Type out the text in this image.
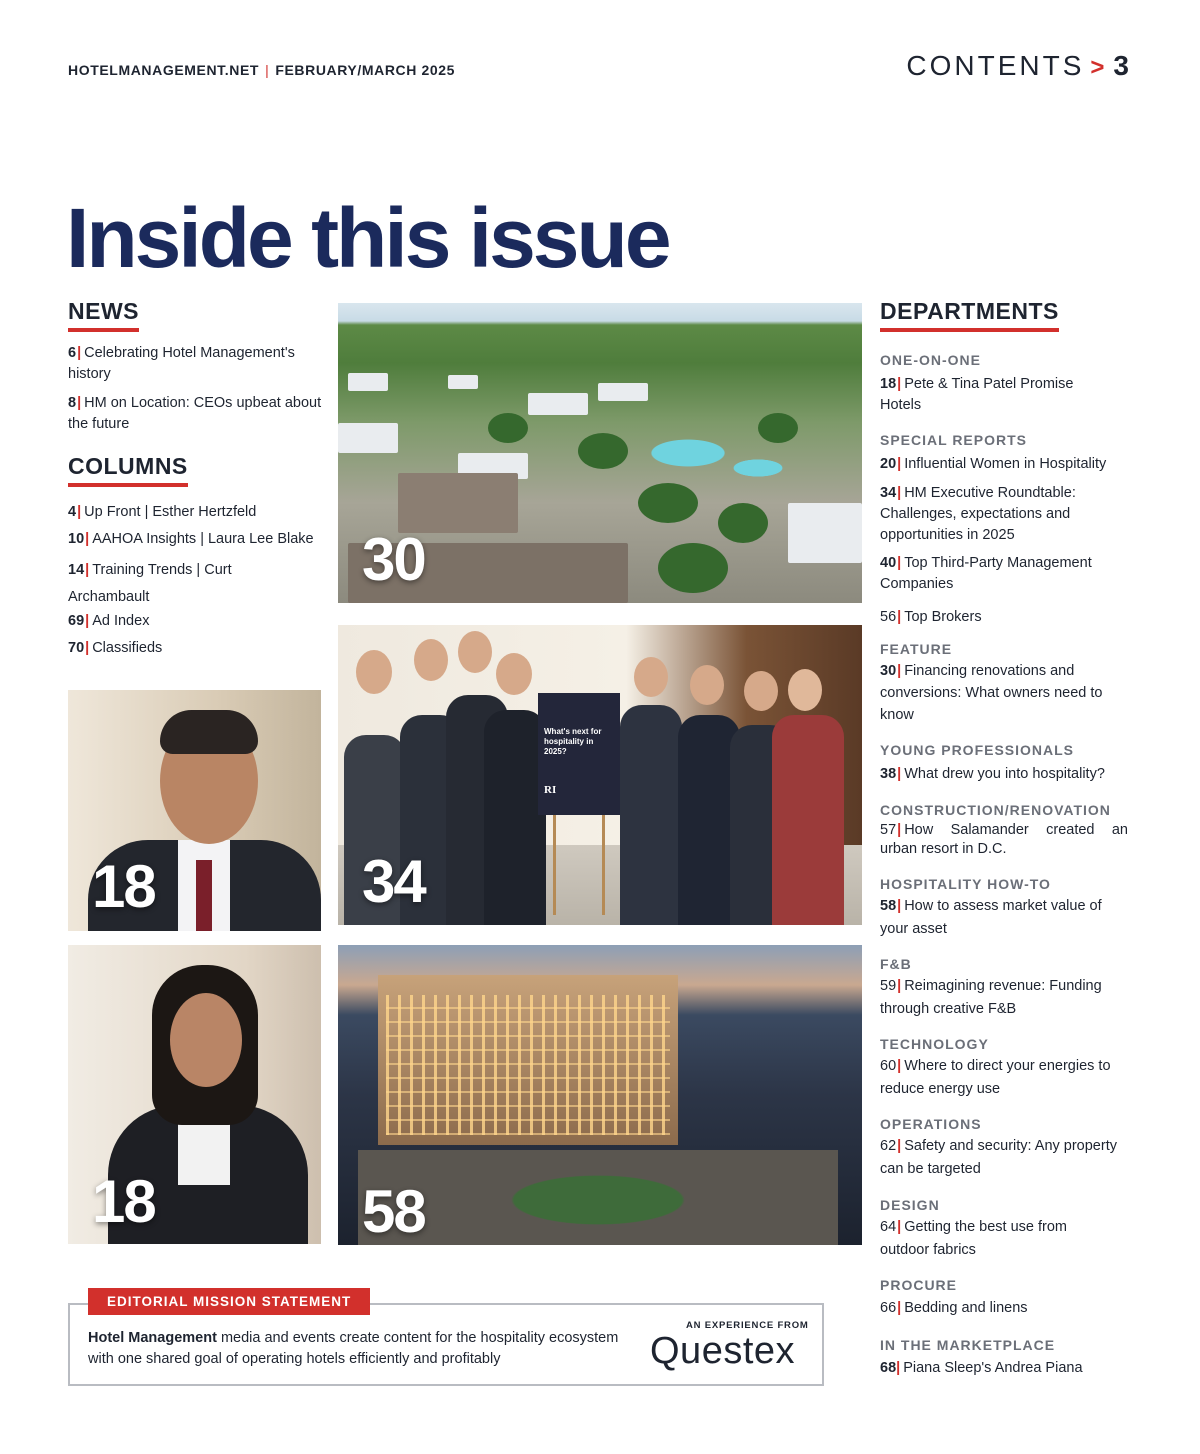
HOTELMANAGEMENT.NET | FEBRUARY/MARCH 2025	CONTENTS > 3
Inside this issue
NEWS
6| Celebrating Hotel Management's history
8| HM on Location: CEOs upbeat about the future
COLUMNS
4| Up Front | Esther Hertzfeld
10| AAHOA Insights | Laura Lee Blake
14| Training Trends | Curt Archambault
69| Ad Index
70| Classifieds
30
What's next for hospitality in 2025?
RI
34
58
18
18
DEPARTMENTS
ONE-ON-ONE
18| Pete & Tina Patel Promise Hotels
SPECIAL REPORTS
20| Influential Women in Hospitality
34| HM Executive Roundtable: Challenges, expectations and opportunities in 2025
40| Top Third-Party Management Companies
56| Top Brokers
FEATURE
30| Financing renovations and conversions: What owners need to know
YOUNG PROFESSIONALS
38| What drew you into hospitality?
CONSTRUCTION/RENOVATION
57| How Salamander created an urban resort in D.C.
HOSPITALITY HOW-TO
58| How to assess market value of your asset
F&B
59| Reimagining revenue: Funding through creative F&B
TECHNOLOGY
60| Where to direct your energies to reduce energy use
OPERATIONS
62| Safety and security: Any property can be targeted
DESIGN
64| Getting the best use from outdoor fabrics
PROCURE
66| Bedding and linens
IN THE MARKETPLACE
68| Piana Sleep's Andrea Piana
EDITORIAL MISSION STATEMENT
Hotel Management media and events create content for the hospitality ecosystem with one shared goal of operating hotels efficiently and profitably
AN EXPERIENCE FROM
Questex
